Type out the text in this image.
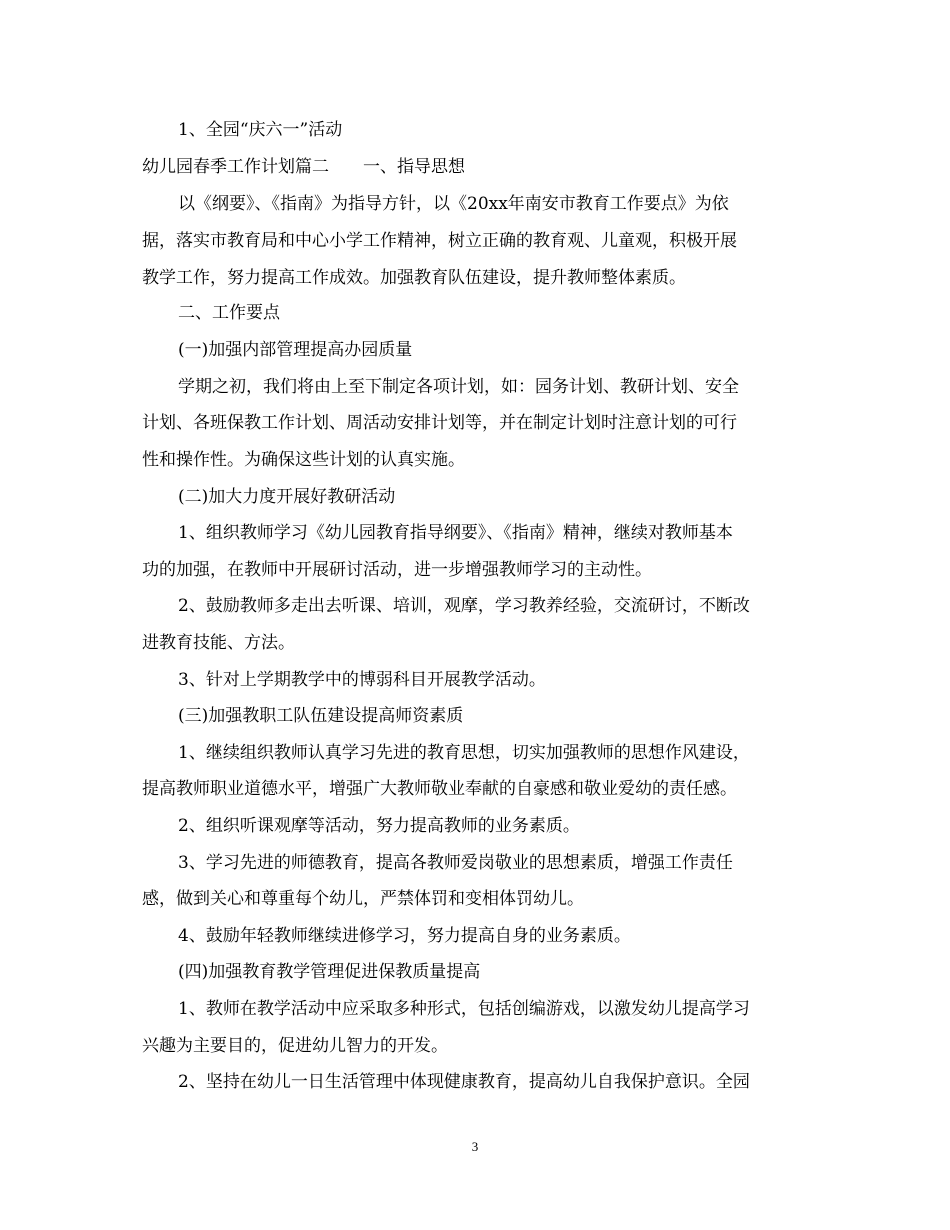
1、全园“庆六一”活动
幼儿园春季工作计划篇二　　一、指导思想
以《纲要》、《指南》为指导方针，以《20xx年南安市教育工作要点》为依
据，落实市教育局和中心小学工作精神，树立正确的教育观、儿童观，积极开展
教学工作，努力提高工作成效。加强教育队伍建设，提升教师整体素质。
二、工作要点
(一)加强内部管理提高办园质量
学期之初，我们将由上至下制定各项计划，如：园务计划、教研计划、安全
计划、各班保教工作计划、周活动安排计划等，并在制定计划时注意计划的可行
性和操作性。为确保这些计划的认真实施。
(二)加大力度开展好教研活动
1、组织教师学习《幼儿园教育指导纲要》、《指南》精神，继续对教师基本
功的加强，在教师中开展研讨活动，进一步增强教师学习的主动性。
2、鼓励教师多走出去听课、培训，观摩，学习教养经验，交流研讨，不断改
进教育技能、方法。
3、针对上学期教学中的博弱科目开展教学活动。
(三)加强教职工队伍建设提高师资素质
1、继续组织教师认真学习先进的教育思想，切实加强教师的思想作风建设，
提高教师职业道德水平，增强广大教师敬业奉献的自豪感和敬业爱幼的责任感。
2、组织听课观摩等活动，努力提高教师的业务素质。
3、学习先进的师德教育，提高各教师爱岗敬业的思想素质，增强工作责任
感，做到关心和尊重每个幼儿，严禁体罚和变相体罚幼儿。
4、鼓励年轻教师继续进修学习，努力提高自身的业务素质。
(四)加强教育教学管理促进保教质量提高
1、教师在教学活动中应采取多种形式，包括创编游戏，以激发幼儿提高学习
兴趣为主要目的，促进幼儿智力的开发。
2、坚持在幼儿一日生活管理中体现健康教育，提高幼儿自我保护意识。全园
3
